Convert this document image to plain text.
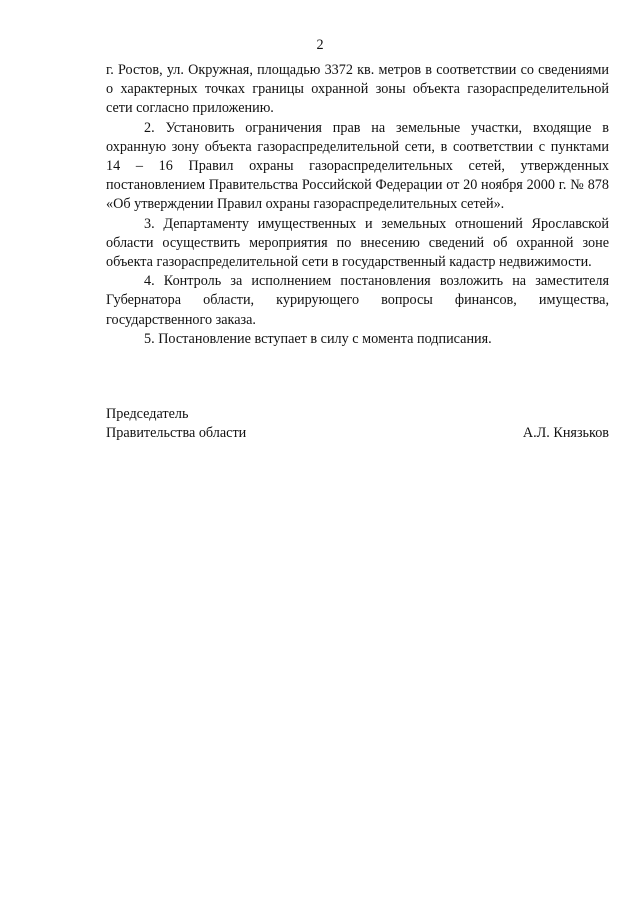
2

г. Ростов, ул. Окружная, площадью 3372 кв. метров в соответствии со сведениями о характерных точках границы охранной зоны объекта газораспределительной сети согласно приложению.

2. Установить ограничения прав на земельные участки, входящие в охранную зону объекта газораспределительной сети, в соответствии с пунктами 14 – 16 Правил охраны газораспределительных сетей, утвержденных постановлением Правительства Российской Федерации от 20 ноября 2000 г. № 878 «Об утверждении Правил охраны газораспределительных сетей».

3. Департаменту имущественных и земельных отношений Ярославской области осуществить мероприятия по внесению сведений об охранной зоне объекта газораспределительной сети в государственный кадастр недвижимости.

4. Контроль за исполнением постановления возложить на заместителя Губернатора области, курирующего вопросы финансов, имущества, государственного заказа.

5. Постановление вступает в силу с момента подписания.

Председатель
Правительства области	А.Л. Князьков
